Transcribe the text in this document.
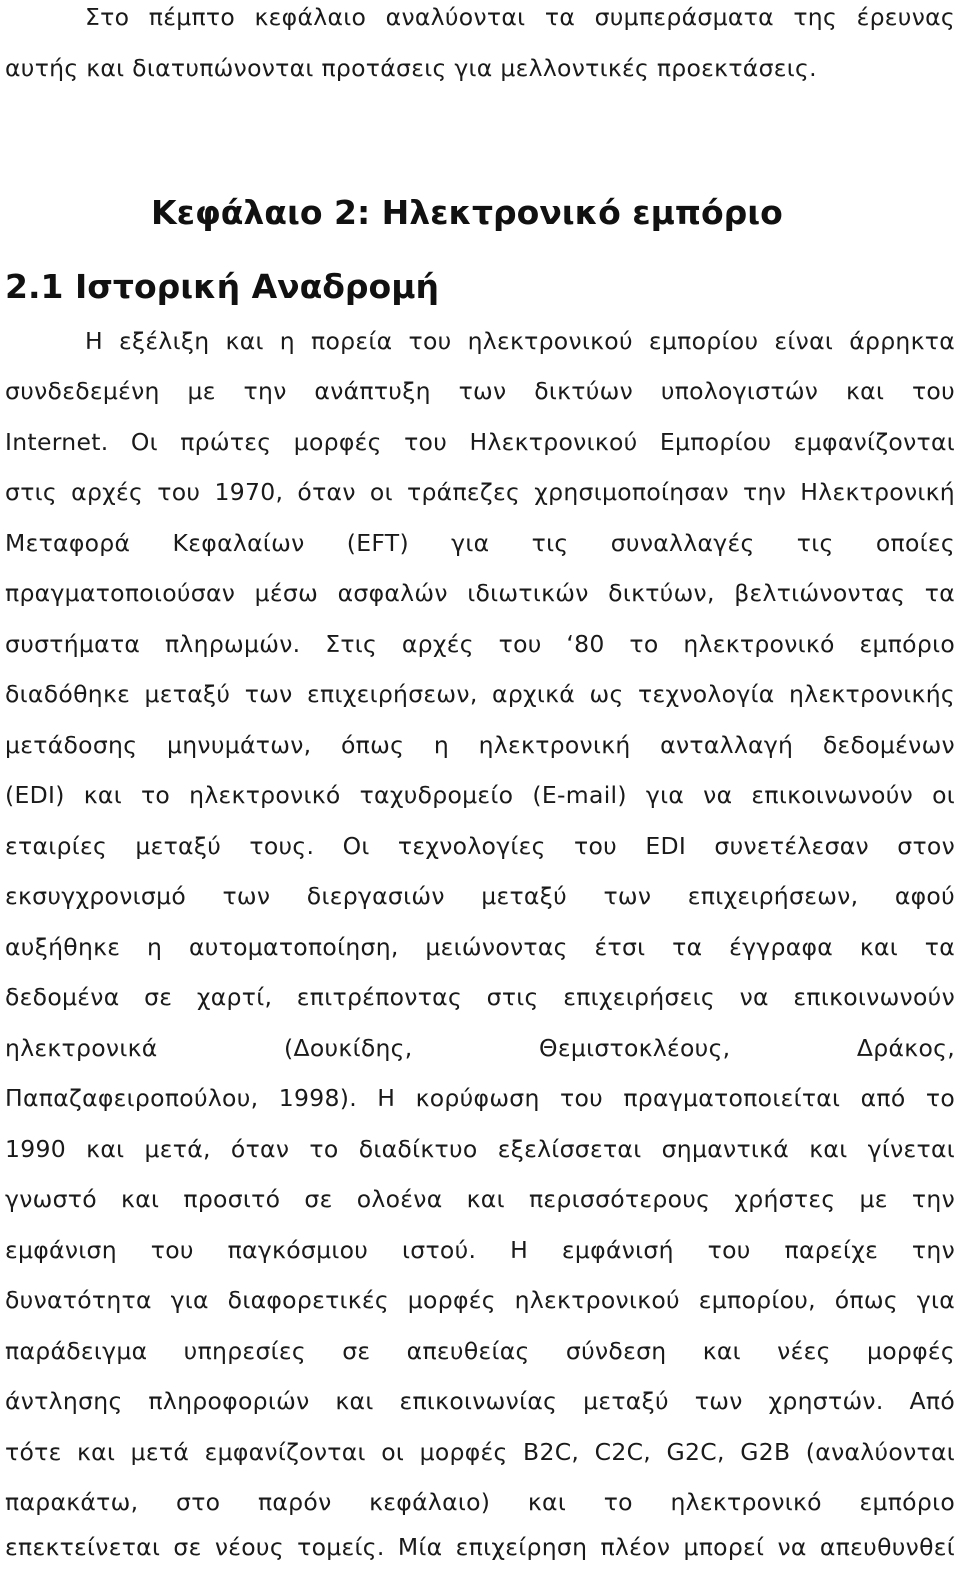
Στο πέμπτο κεφάλαιο αναλύονται τα συμπεράσματα της έρευνας
αυτής και διατυπώνονται προτάσεις για μελλοντικές προεκτάσεις.
Κεφάλαιο 2: Ηλεκτρονικό εμπόριο
2.1 Ιστορική Αναδρομή
Η εξέλιξη και η πορεία του ηλεκτρονικού εμπορίου είναι άρρηκτα
συνδεδεμένη με την ανάπτυξη των δικτύων υπολογιστών και του
Internet. Οι πρώτες μορφές του Ηλεκτρονικού Εμπορίου εμφανίζονται
στις αρχές του 1970, όταν οι τράπεζες χρησιμοποίησαν την Ηλεκτρονική
Μεταφορά Κεφαλαίων (EFT) για τις συναλλαγές τις οποίες
πραγματοποιούσαν μέσω ασφαλών ιδιωτικών δικτύων, βελτιώνοντας τα
συστήματα πληρωμών. Στις αρχές του ‘80 το ηλεκτρονικό εμπόριο
διαδόθηκε μεταξύ των επιχειρήσεων, αρχικά ως τεχνολογία ηλεκτρονικής
μετάδοσης μηνυμάτων, όπως η ηλεκτρονική ανταλλαγή δεδομένων
(EDI) και το ηλεκτρονικό ταχυδρομείο (E-mail) για να επικοινωνούν οι
εταιρίες μεταξύ τους. Οι τεχνολογίες του EDI συνετέλεσαν στον
εκσυγχρονισμό των διεργασιών μεταξύ των επιχειρήσεων, αφού
αυξήθηκε η αυτοματοποίηση, μειώνοντας έτσι τα έγγραφα και τα
δεδομένα σε χαρτί, επιτρέποντας στις επιχειρήσεις να επικοινωνούν
ηλεκτρονικά (Δουκίδης, Θεμιστοκλέους, Δράκος,
Παπαζαφειροπούλου, 1998). Η κορύφωση του πραγματοποιείται από το
1990 και μετά, όταν το διαδίκτυο εξελίσσεται σημαντικά και γίνεται
γνωστό και προσιτό σε ολοένα και περισσότερους χρήστες με την
εμφάνιση του παγκόσμιου ιστού. Η εμφάνισή του παρείχε την
δυνατότητα για διαφορετικές μορφές ηλεκτρονικού εμπορίου, όπως για
παράδειγμα υπηρεσίες σε απευθείας σύνδεση και νέες μορφές
άντλησης πληροφοριών και επικοινωνίας μεταξύ των χρηστών. Από
τότε και μετά εμφανίζονται οι μορφές B2C, C2C, G2C, G2B (αναλύονται
παρακάτω, στο παρόν κεφάλαιο) και το ηλεκτρονικό εμπόριο
επεκτείνεται σε νέους τομείς. Μία επιχείρηση πλέον μπορεί να απευθυνθεί
